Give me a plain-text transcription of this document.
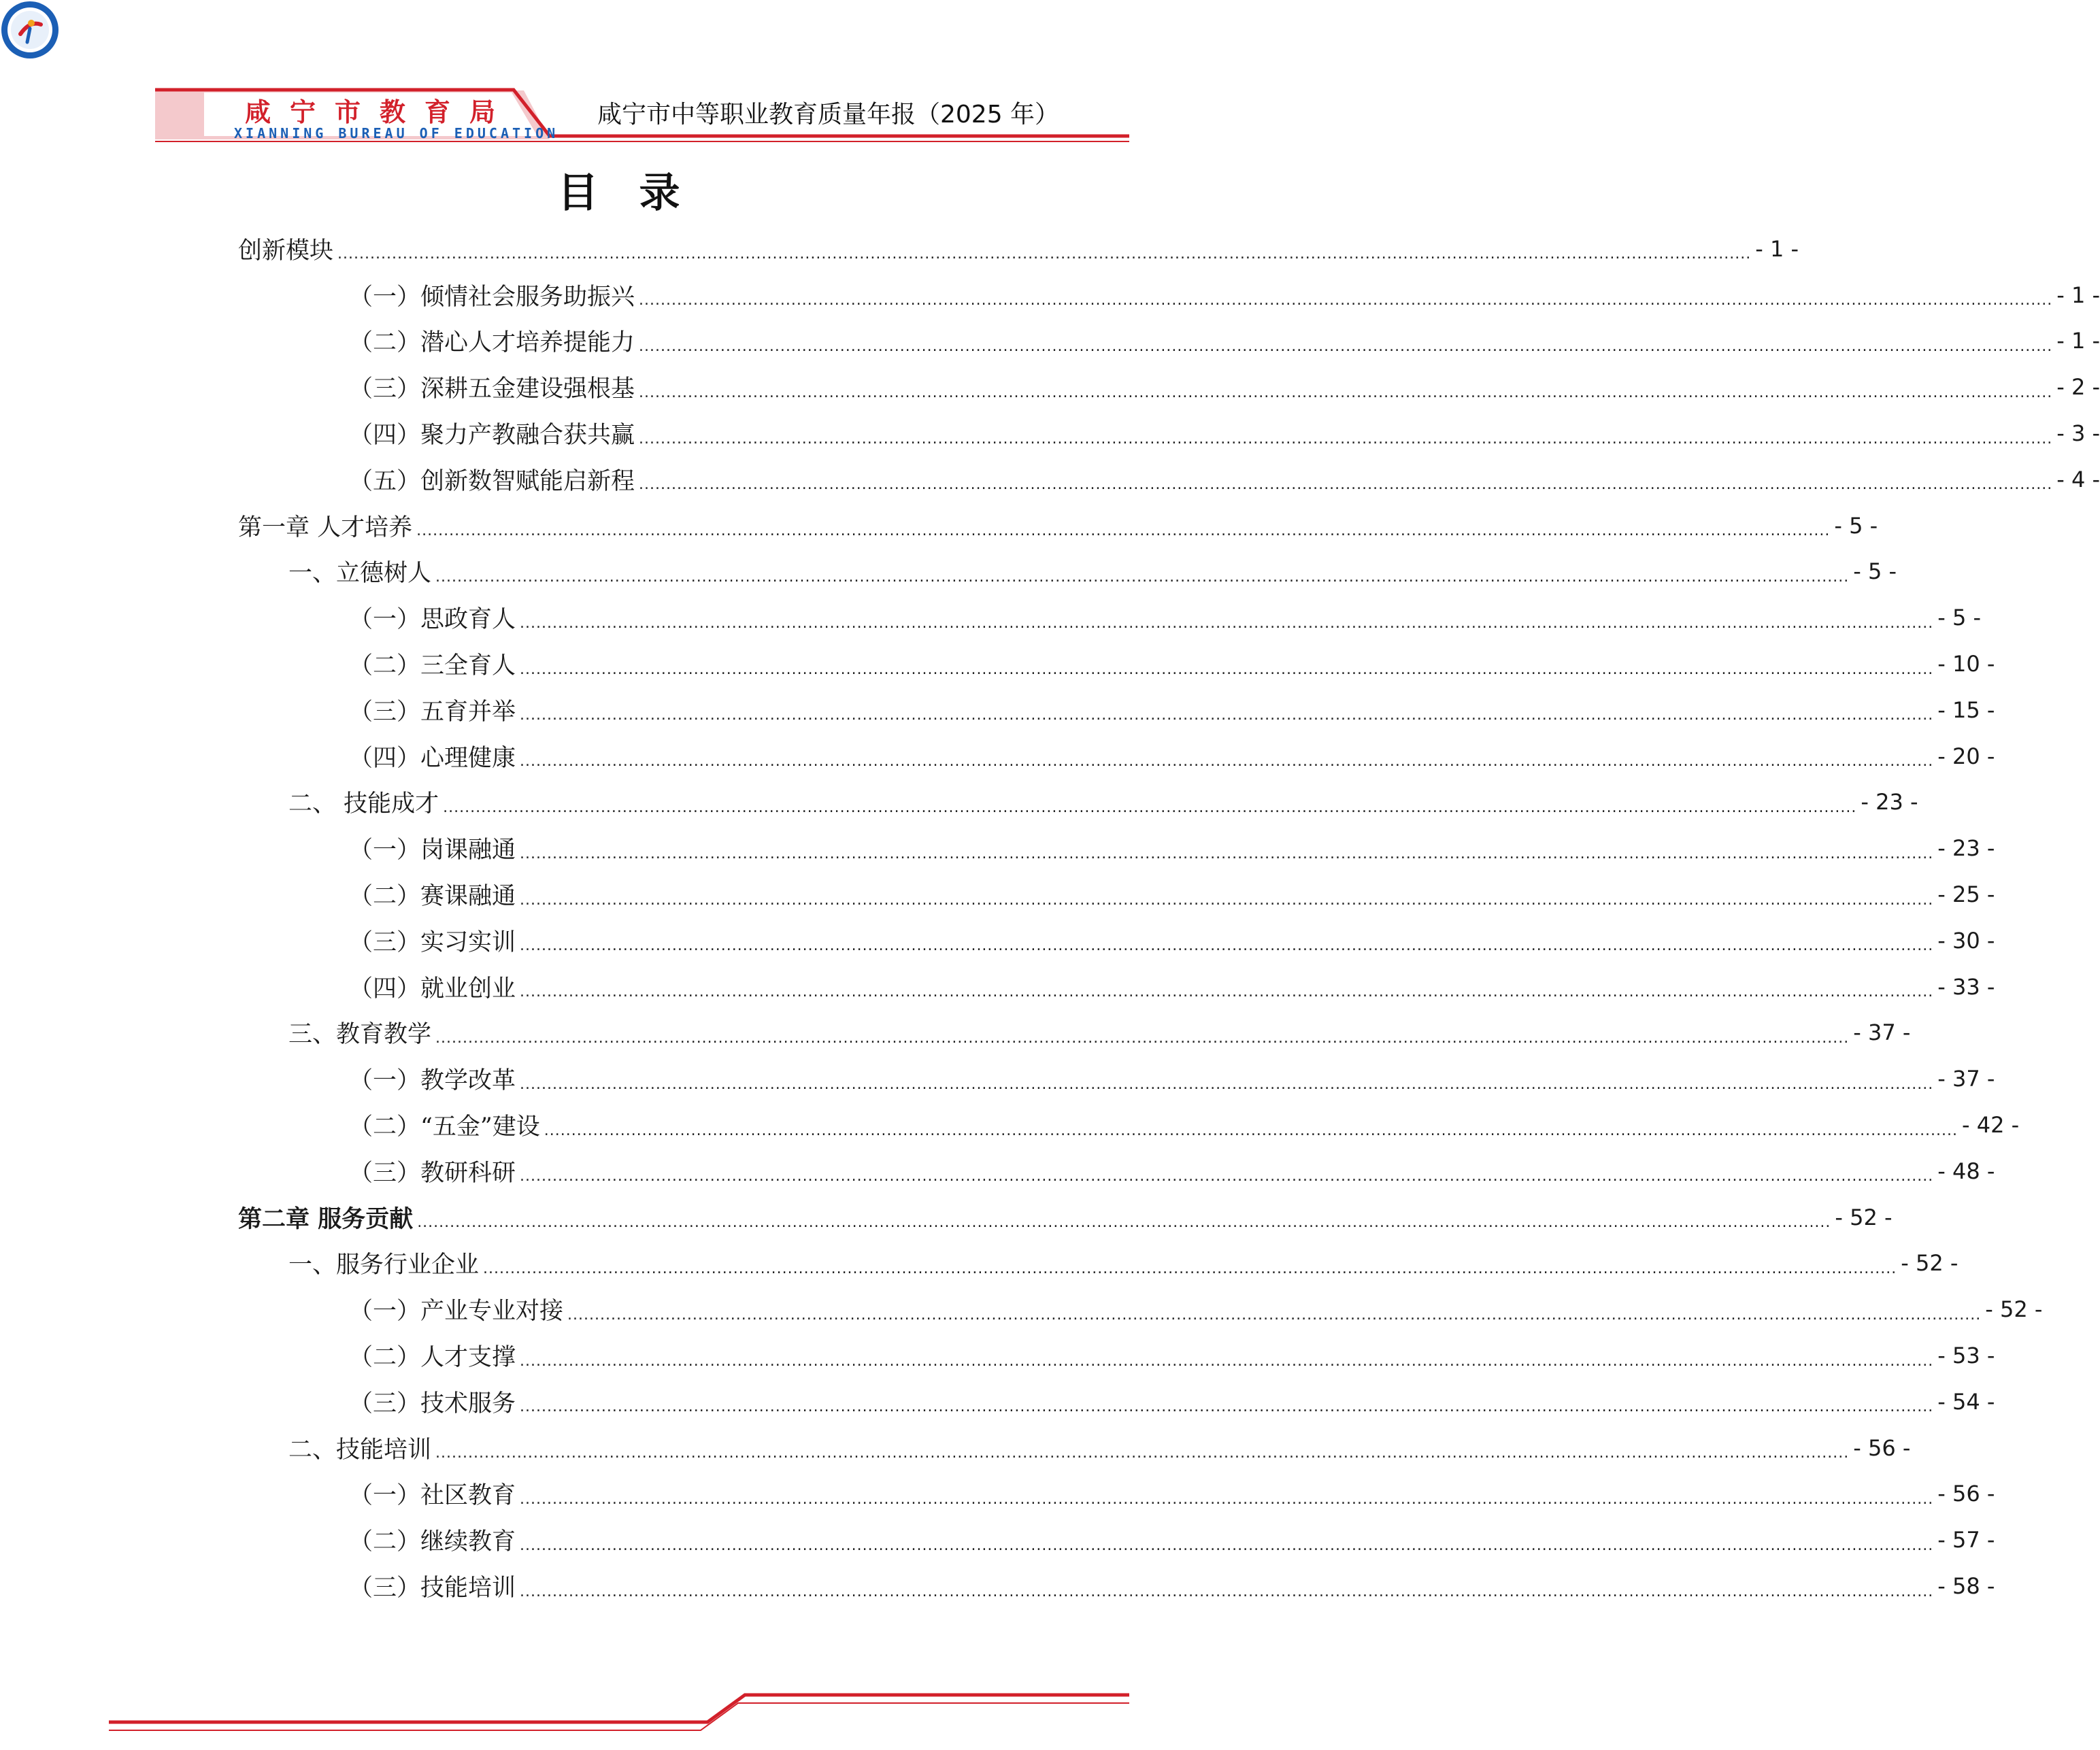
咸宁市教育局
XIANNING BUREAU OF EDUCATION
咸宁市中等职业教育质量年报（2025 年）
目录
创新模块 .................................................................................................................................................................................................................................................................... - 1 -
（一）倾情社会服务助振兴 .................................................................................................................................................................................................................................................................... - 1 -
（二）潜心人才培养提能力 .................................................................................................................................................................................................................................................................... - 1 -
（三）深耕五金建设强根基 .................................................................................................................................................................................................................................................................... - 2 -
（四）聚力产教融合获共赢 .................................................................................................................................................................................................................................................................... - 3 -
（五）创新数智赋能启新程 .................................................................................................................................................................................................................................................................... - 4 -
第一章 人才培养 .................................................................................................................................................................................................................................................................... - 5 -
一、立德树人 .................................................................................................................................................................................................................................................................... - 5 -
（一）思政育人 .................................................................................................................................................................................................................................................................... - 5 -
（二）三全育人 .................................................................................................................................................................................................................................................................... - 10 -
（三）五育并举 .................................................................................................................................................................................................................................................................... - 15 -
（四）心理健康 .................................................................................................................................................................................................................................................................... - 20 -
二、 技能成才 .................................................................................................................................................................................................................................................................... - 23 -
（一）岗课融通 .................................................................................................................................................................................................................................................................... - 23 -
（二）赛课融通 .................................................................................................................................................................................................................................................................... - 25 -
（三）实习实训 .................................................................................................................................................................................................................................................................... - 30 -
（四）就业创业 .................................................................................................................................................................................................................................................................... - 33 -
三、教育教学 .................................................................................................................................................................................................................................................................... - 37 -
（一）教学改革 .................................................................................................................................................................................................................................................................... - 37 -
（二）“五金”建设 .................................................................................................................................................................................................................................................................... - 42 -
（三）教研科研 .................................................................................................................................................................................................................................................................... - 48 -
第二章 服务贡献 .................................................................................................................................................................................................................................................................... - 52 -
一、服务行业企业 .................................................................................................................................................................................................................................................................... - 52 -
（一）产业专业对接 .................................................................................................................................................................................................................................................................... - 52 -
（二）人才支撑 .................................................................................................................................................................................................................................................................... - 53 -
（三）技术服务 .................................................................................................................................................................................................................................................................... - 54 -
二、技能培训 .................................................................................................................................................................................................................................................................... - 56 -
（一）社区教育 .................................................................................................................................................................................................................................................................... - 56 -
（二）继续教育 .................................................................................................................................................................................................................................................................... - 57 -
（三）技能培训 .................................................................................................................................................................................................................................................................... - 58 -
